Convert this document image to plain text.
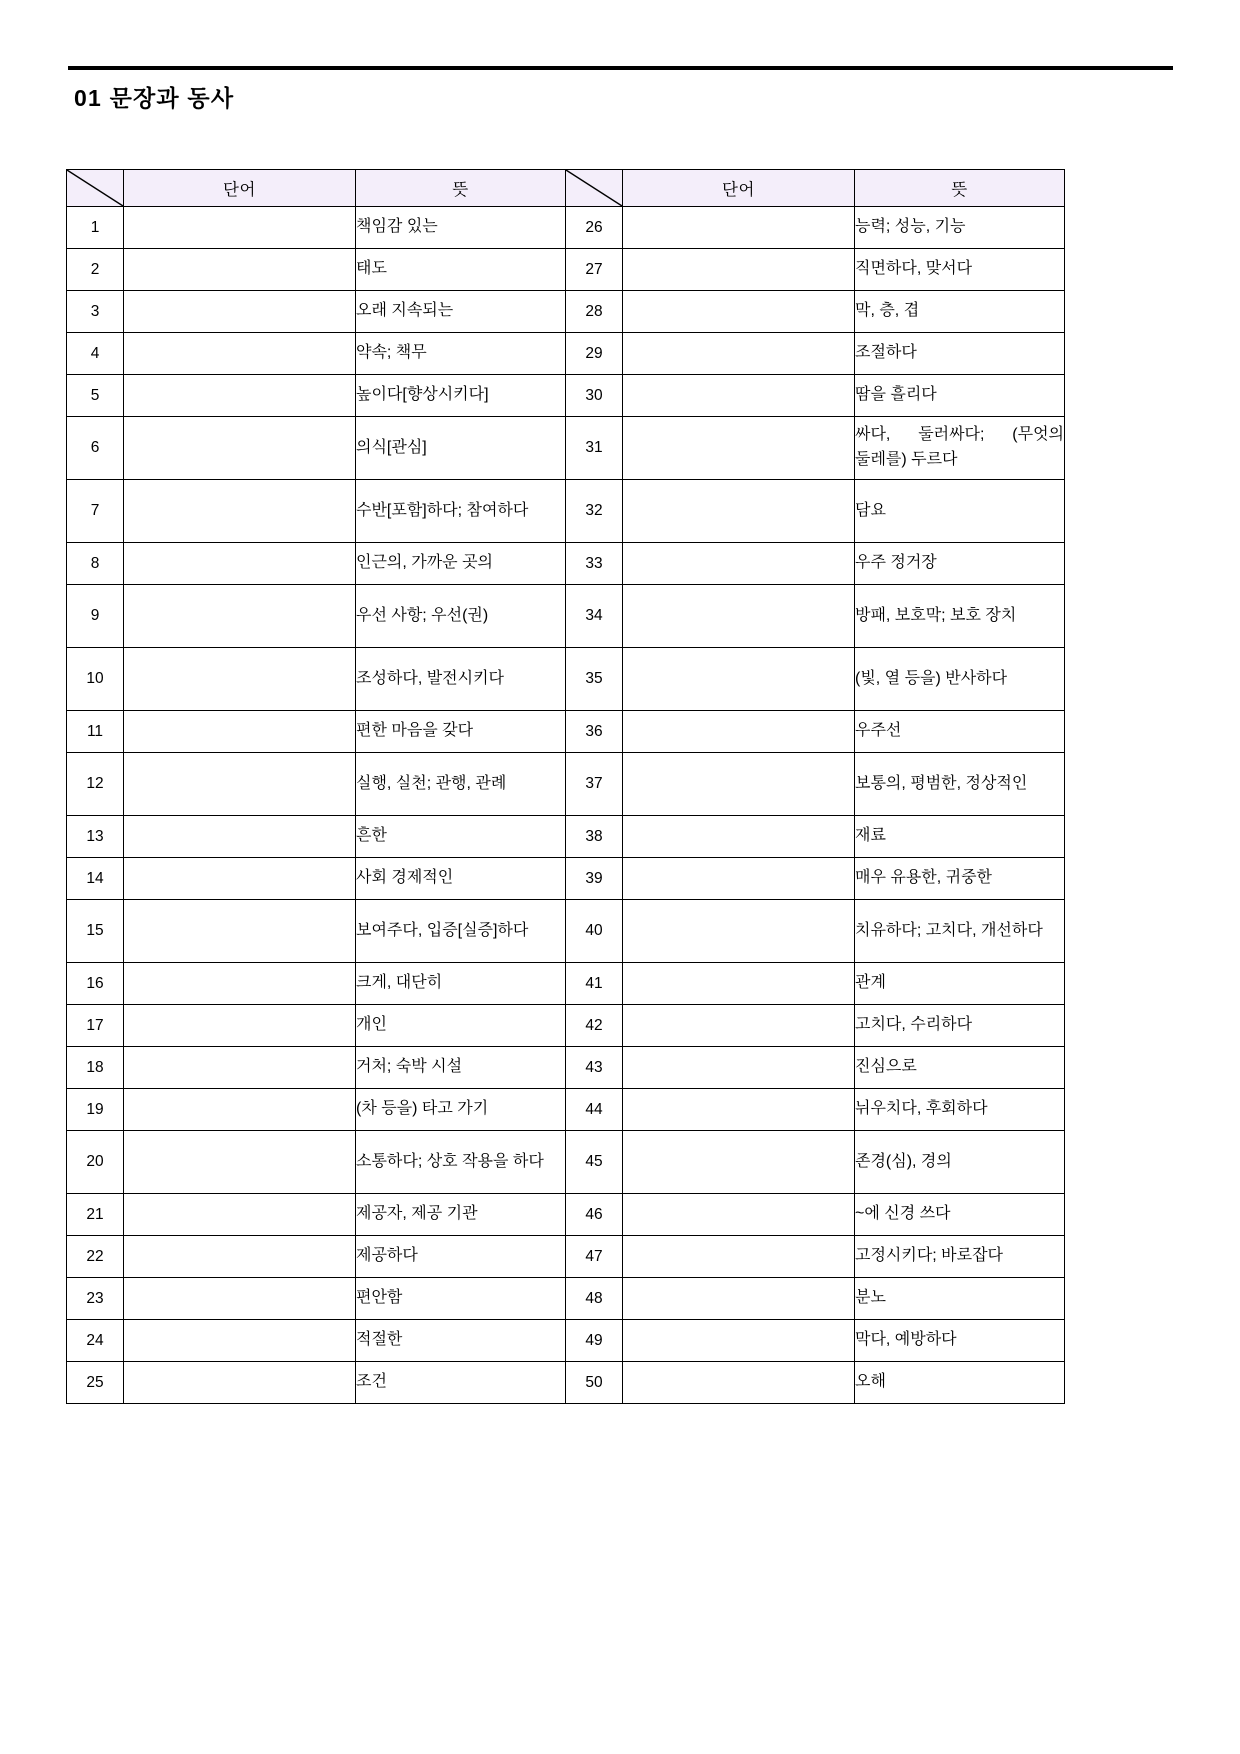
01 문장과 동사
	단어	뜻		단어	뜻
1		책임감 있는	26		능력; 성능, 기능

2		태도	27		직면하다, 맞서다

3		오래 지속되는	28		막, 층, 겹

4		약속; 책무	29		조절하다

5		높이다[향상시키다]	30		땀을 흘리다

6		의식[관심]	31		싸다, 둘러싸다; (무엇의 둘레를) 두르다

7		수반[포함]하다; 참여하다	32		담요

8		인근의, 가까운 곳의	33		우주 정거장

9		우선 사항; 우선(권)	34		방패, 보호막; 보호 장치

10		조성하다, 발전시키다	35		(빛, 열 등을) 반사하다

11		편한 마음을 갖다	36		우주선

12		실행, 실천; 관행, 관례	37		보통의, 평범한, 정상적인

13		흔한	38		재료

14		사회 경제적인	39		매우 유용한, 귀중한

15		보여주다, 입증[실증]하다	40		치유하다; 고치다, 개선하다

16		크게, 대단히	41		관계

17		개인	42		고치다, 수리하다

18		거처; 숙박 시설	43		진심으로

19		(차 등을) 타고 가기	44		뉘우치다, 후회하다

20		소통하다; 상호 작용을 하다	45		존경(심), 경의

21		제공자, 제공 기관	46		~에 신경 쓰다

22		제공하다	47		고정시키다; 바로잡다

23		편안함	48		분노

24		적절한	49		막다, 예방하다

25		조건	50		오해
